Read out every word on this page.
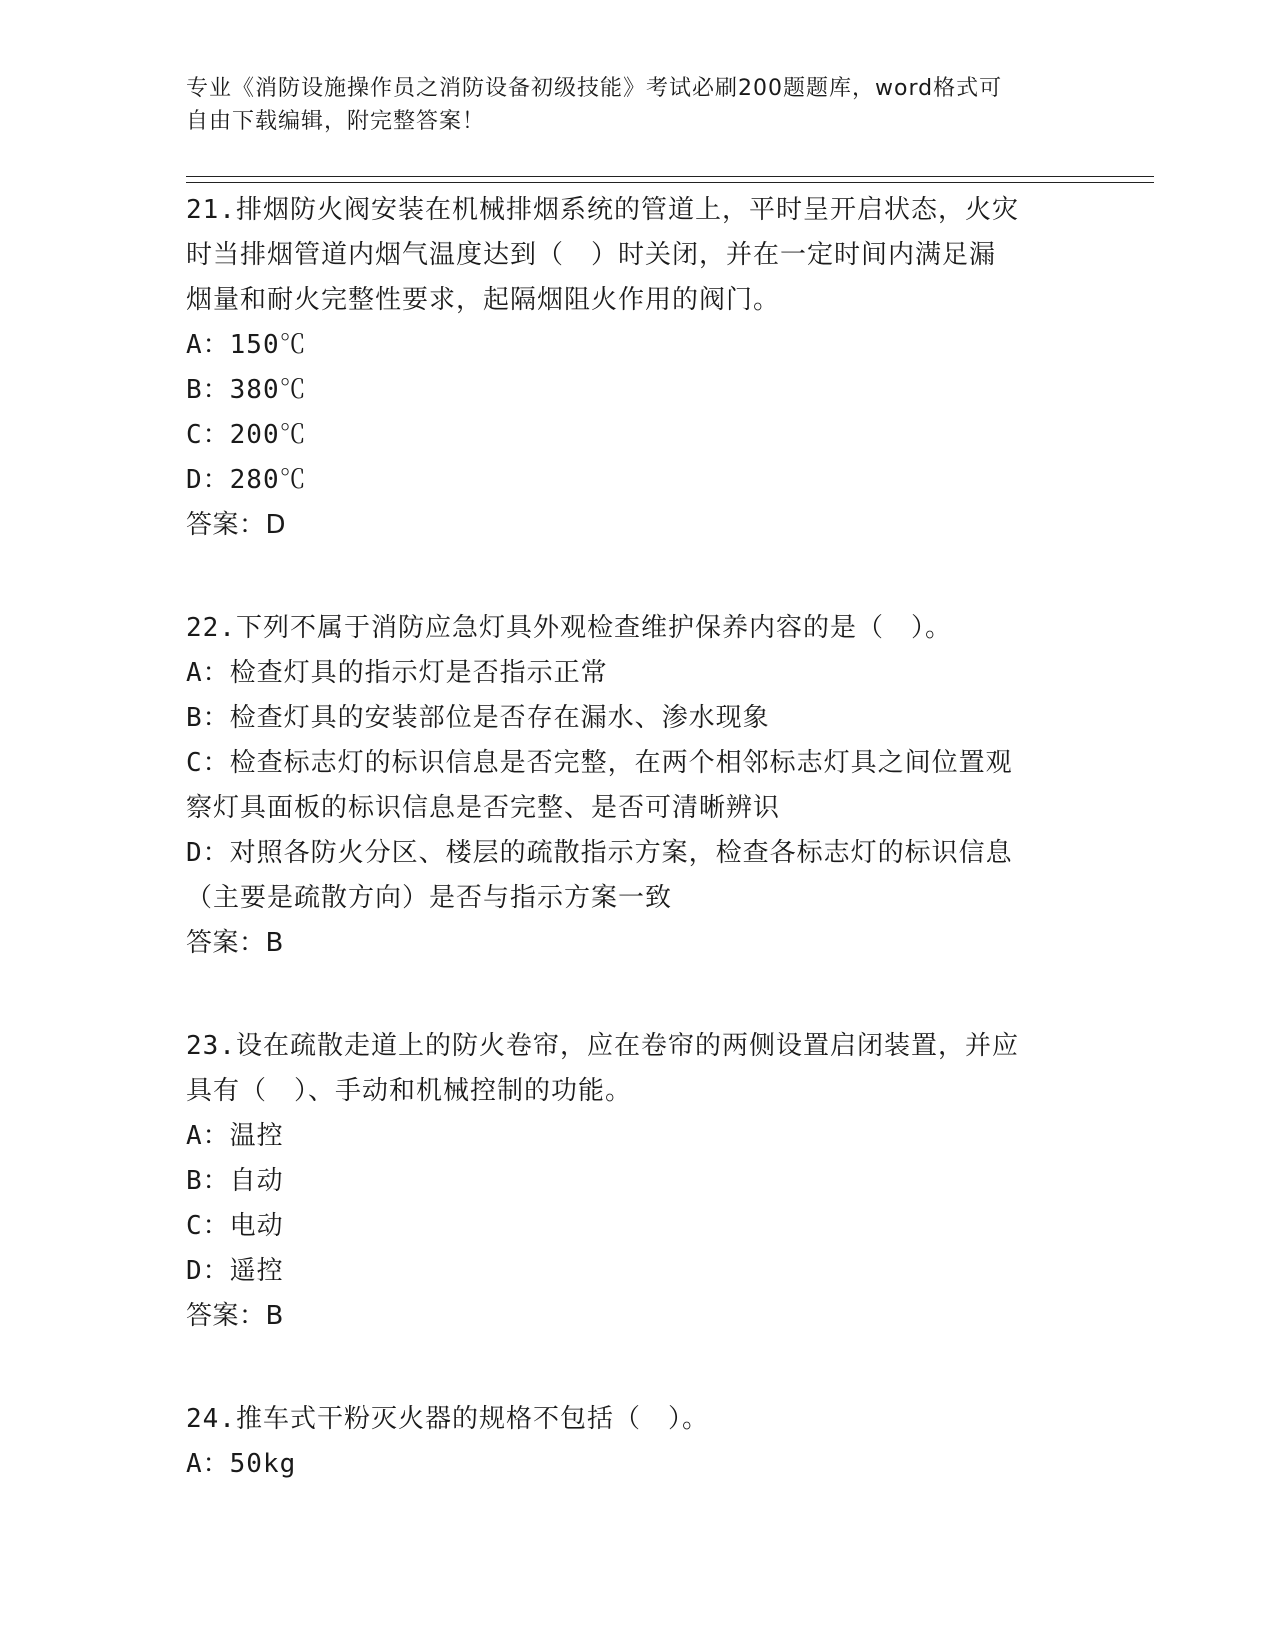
专业《消防设施操作员之消防设备初级技能》考试必刷200题题库，word格式可
自由下载编辑，附完整答案！
21.排烟防火阀安装在机械排烟系统的管道上，平时呈开启状态，火灾
时当排烟管道内烟气温度达到（　）时关闭，并在一定时间内满足漏
烟量和耐火完整性要求，起隔烟阻火作用的阀门。
A：150℃
B：380℃
C：200℃
D：280℃
答案：D
22.下列不属于消防应急灯具外观检查维护保养内容的是（　）。
A：检查灯具的指示灯是否指示正常
B：检查灯具的安装部位是否存在漏水、渗水现象
C：检查标志灯的标识信息是否完整，在两个相邻标志灯具之间位置观
察灯具面板的标识信息是否完整、是否可清晰辨识
D：对照各防火分区、楼层的疏散指示方案，检查各标志灯的标识信息
（主要是疏散方向）是否与指示方案一致
答案：B
23.设在疏散走道上的防火卷帘，应在卷帘的两侧设置启闭装置，并应
具有（　）、手动和机械控制的功能。
A：温控
B：自动
C：电动
D：遥控
答案：B
24.推车式干粉灭火器的规格不包括（　）。
A：50kg
